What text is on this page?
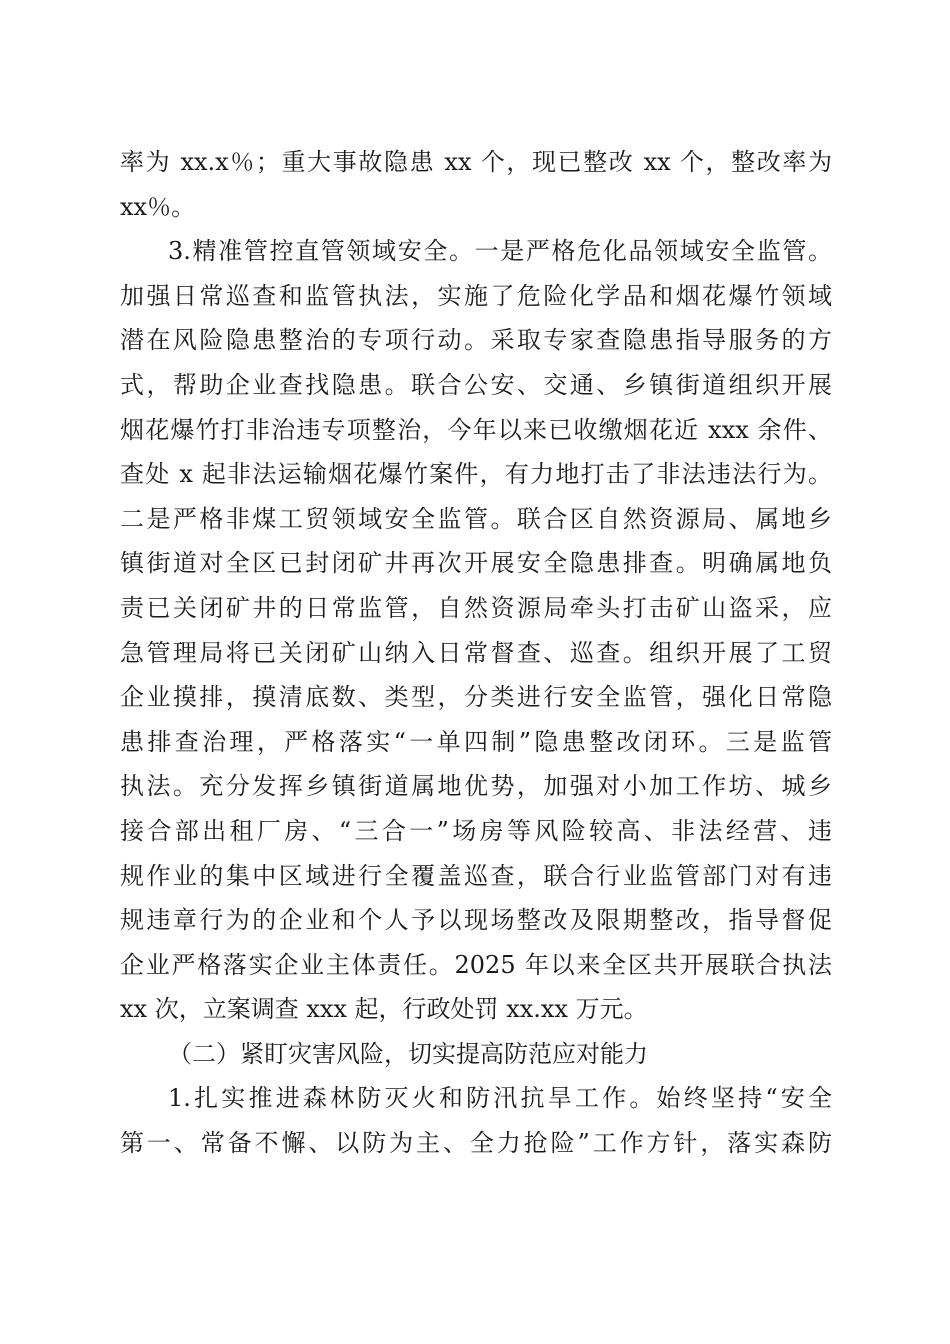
率为 xx.x％；重大事故隐患 xx 个，现已整改 xx 个，整改率为
xx％。
3.精准管控直管领域安全。一是严格危化品领域安全监管。
加强日常巡查和监管执法，实施了危险化学品和烟花爆竹领域
潜在风险隐患整治的专项行动。采取专家查隐患指导服务的方
式，帮助企业查找隐患。联合公安、交通、乡镇街道组织开展
烟花爆竹打非治违专项整治，今年以来已收缴烟花近 xxx 余件、
查处 x 起非法运输烟花爆竹案件，有力地打击了非法违法行为。
二是严格非煤工贸领域安全监管。联合区自然资源局、属地乡
镇街道对全区已封闭矿井再次开展安全隐患排查。明确属地负
责已关闭矿井的日常监管，自然资源局牵头打击矿山盗采，应
急管理局将已关闭矿山纳入日常督查、巡查。组织开展了工贸
企业摸排，摸清底数、类型，分类进行安全监管，强化日常隐
患排查治理，严格落实“一单四制”隐患整改闭环。三是监管
执法。充分发挥乡镇街道属地优势，加强对小加工作坊、城乡
接合部出租厂房、“三合一”场房等风险较高、非法经营、违
规作业的集中区域进行全覆盖巡查，联合行业监管部门对有违
规违章行为的企业和个人予以现场整改及限期整改，指导督促
企业严格落实企业主体责任。2025 年以来全区共开展联合执法
xx 次，立案调查 xxx 起，行政处罚 xx.xx 万元。
（二）紧盯灾害风险，切实提高防范应对能力
1.扎实推进森林防灭火和防汛抗旱工作。始终坚持“安全
第一、常备不懈、以防为主、全力抢险”工作方针，落实森防
